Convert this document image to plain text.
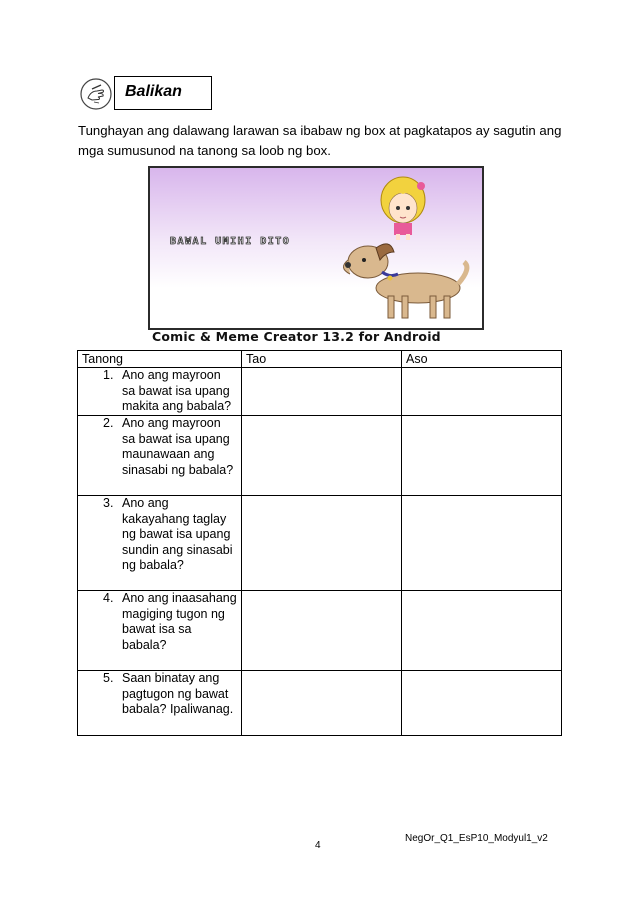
Balikan
Tunghayan ang dalawang larawan sa ibabaw ng box at pagkatapos ay sagutin ang mga sumusunod na tanong sa loob ng box.
BAWAL UMIHI DITO
Comic & Meme Creator 13.2 for Android
Tanong	Tao	Aso

1. Ano ang mayroon sa bawat isa upang makita ang babala?		

2. Ano ang mayroon sa bawat isa upang maunawaan ang sinasabi ng babala?		

3. Ano ang kakayahang taglay ng bawat isa upang sundin ang sinasabi ng babala?		

4. Ano ang inaasahang magiging tugon ng bawat isa sa babala?		

5. Saan binatay ang pagtugon ng bawat babala? Ipaliwanag.		

NegOr_Q1_EsP10_Modyul1_v2
4
